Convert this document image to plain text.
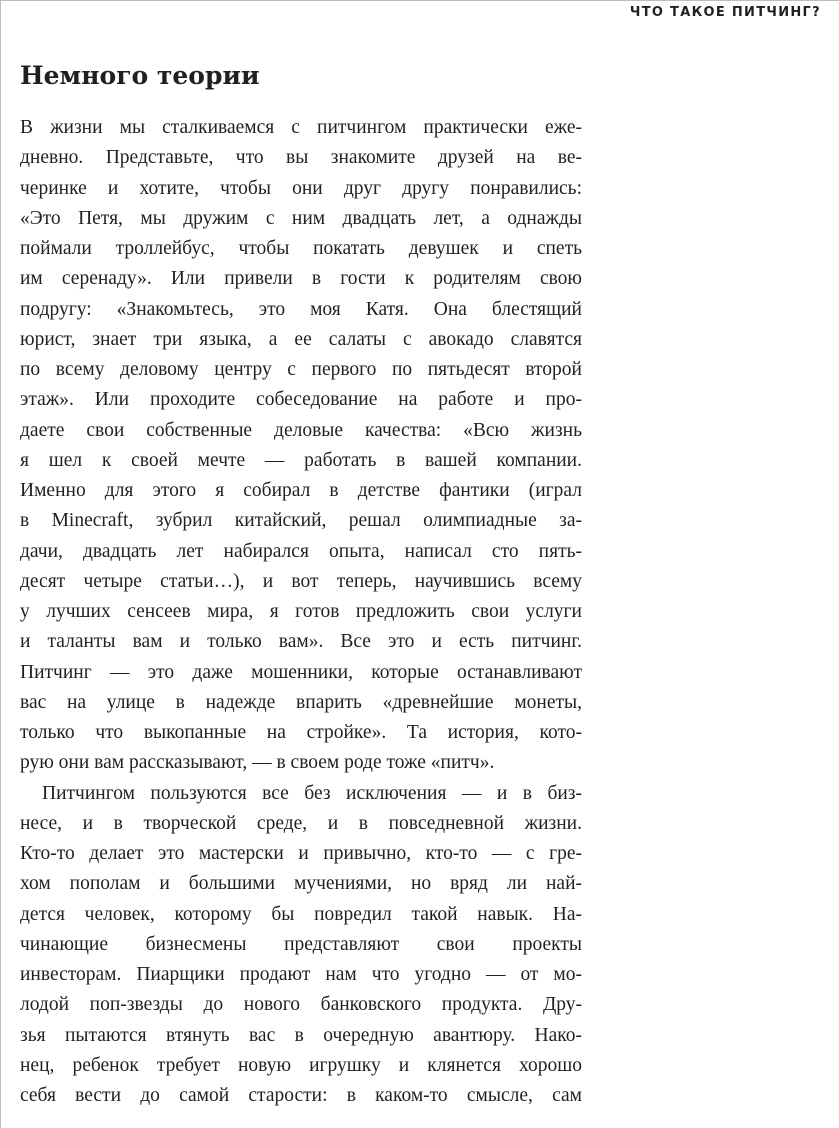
ЧТО ТАКОЕ ПИТЧИНГ?
Немного теории
В жизни мы сталкиваемся с питчингом практически еже-
дневно. Представьте, что вы знакомите друзей на ве-
черинке и хотите, чтобы они друг другу понравились:
«Это Петя, мы дружим с ним двадцать лет, а однажды
поймали троллейбус, чтобы покатать девушек и спеть
им серенаду». Или привели в гости к родителям свою
подругу: «Знакомьтесь, это моя Катя. Она блестящий
юрист, знает три языка, а ее салаты с авокадо славятся
по всему деловому центру с первого по пятьдесят второй
этаж». Или проходите собеседование на работе и про-
даете свои собственные деловые качества: «Всю жизнь
я шел к своей мечте — работать в вашей компании.
Именно для этого я собирал в детстве фантики (играл
в Minecraft, зубрил китайский, решал олимпиадные за-
дачи, двадцать лет набирался опыта, написал сто пять-
десят четыре статьи…), и вот теперь, научившись всему
у лучших сенсеев мира, я готов предложить свои услуги
и таланты вам и только вам». Все это и есть питчинг.
Питчинг — это даже мошенники, которые останавливают
вас на улице в надежде впарить «древнейшие монеты,
только что выкопанные на стройке». Та история, кото-
рую они вам рассказывают, — в своем роде тоже «питч».
Питчингом пользуются все без исключения — и в биз-
несе, и в творческой среде, и в повседневной жизни.
Кто-то делает это мастерски и привычно, кто-то — с гре-
хом пополам и большими мучениями, но вряд ли най-
дется человек, которому бы повредил такой навык. На-
чинающие бизнесмены представляют свои проекты
инвесторам. Пиарщики продают нам что угодно — от мо-
лодой поп-звезды до нового банковского продукта. Дру-
зья пытаются втянуть вас в очередную авантюру. Нако-
нец, ребенок требует новую игрушку и клянется хорошо
себя вести до самой старости: в каком-то смысле, сам
